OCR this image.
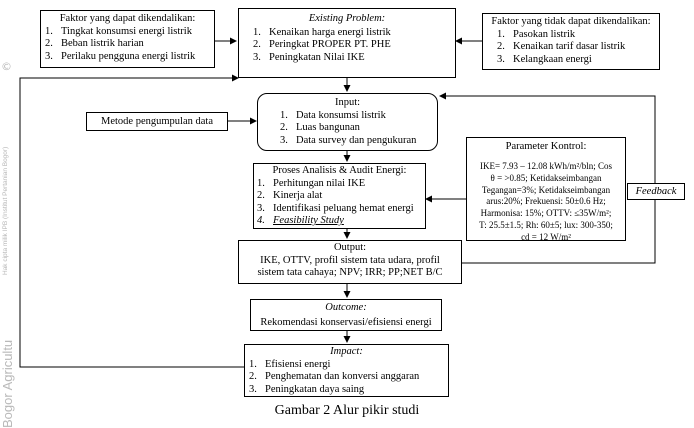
©
Hak cipta milik IPB (Institut Pertanian Bogor)
Bogor Agricultu
Faktor yang dapat dikendalikan:
1. Tingkat konsumsi energi listrik
2. Beban listrik harian
3. Perilaku pengguna energi listrik
Existing Problem:
1. Kenaikan harga energi listrik
2. Peringkat PROPER PT. PHE
3. Peningkatan Nilai IKE
Faktor yang tidak dapat dikendalikan:
1. Pasokan listrik
2. Kenaikan tarif dasar listrik
3. Kelangkaan energi
Metode pengumpulan data
Input:
1. Data konsumsi listrik
2. Luas bangunan
3. Data survey dan pengukuran
Proses Analisis & Audit Energi:
1. Perhitungan nilai IKE
2. Kinerja alat
3. Identifikasi peluang hemat energi
4. Feasibility Study
Parameter Kontrol:
IKE= 7.93 – 12.08 kWh/m²/bln; Cos
θ = >0.85; Ketidakseimbangan
Tegangan=3%; Ketidakseimbangan
arus:20%; Frekuensi: 50±0.6 Hz;
Harmonisa: 15%; OTTV: ≤35W/m²;
T: 25.5±1.5; Rh: 60±5; lux: 300-350;
cd = 12 W/m²
Feedback
Output:
IKE, OTTV, profil sistem tata udara, profil
sistem tata cahaya; NPV; IRR; PP;NET B/C
Outcome:
Rekomendasi konservasi/efisiensi energi
Impact:
1. Efisiensi energi
2. Penghematan dan konversi anggaran
3. Peningkatan daya saing
Gambar 2 Alur pikir studi
